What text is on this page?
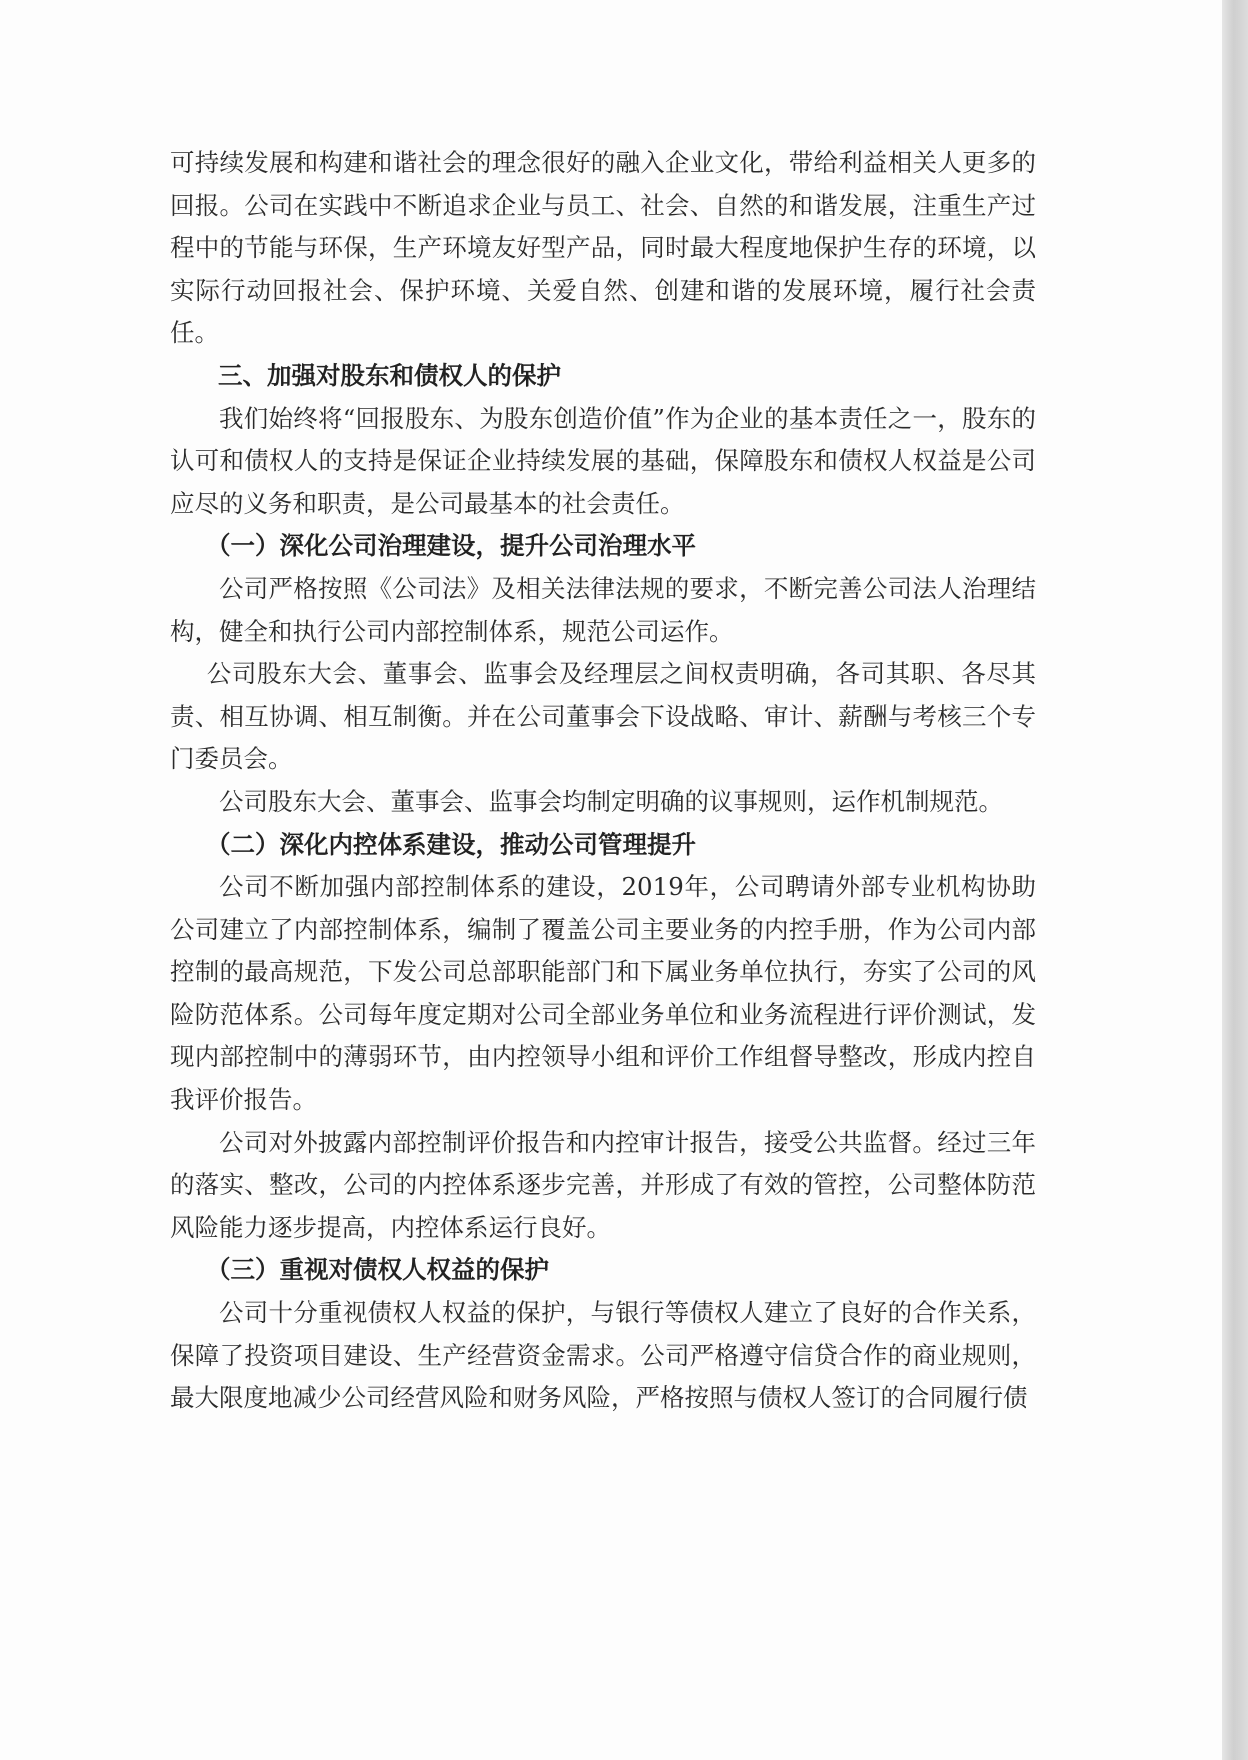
可持续发展和构建和谐社会的理念很好的融入企业文化，带给利益相关人更多的回报。公司在实践中不断追求企业与员工、社会、自然的和谐发展，注重生产过程中的节能与环保，生产环境友好型产品，同时最大程度地保护生存的环境，以实际行动回报社会、保护环境、关爱自然、创建和谐的发展环境，履行社会责任。

三、加强对股东和债权人的保护

我们始终将“回报股东、为股东创造价值”作为企业的基本责任之一，股东的认可和债权人的支持是保证企业持续发展的基础，保障股东和债权人权益是公司应尽的义务和职责，是公司最基本的社会责任。

（一）深化公司治理建设，提升公司治理水平

公司严格按照《公司法》及相关法律法规的要求，不断完善公司法人治理结构，健全和执行公司内部控制体系，规范公司运作。

公司股东大会、董事会、监事会及经理层之间权责明确，各司其职、各尽其责、相互协调、相互制衡。并在公司董事会下设战略、审计、薪酬与考核三个专门委员会。

公司股东大会、董事会、监事会均制定明确的议事规则，运作机制规范。

（二）深化内控体系建设，推动公司管理提升

公司不断加强内部控制体系的建设，2019年，公司聘请外部专业机构协助公司建立了内部控制体系，编制了覆盖公司主要业务的内控手册，作为公司内部控制的最高规范，下发公司总部职能部门和下属业务单位执行，夯实了公司的风险防范体系。公司每年度定期对公司全部业务单位和业务流程进行评价测试，发现内部控制中的薄弱环节，由内控领导小组和评价工作组督导整改，形成内控自我评价报告。

公司对外披露内部控制评价报告和内控审计报告，接受公共监督。经过三年的落实、整改，公司的内控体系逐步完善，并形成了有效的管控，公司整体防范风险能力逐步提高，内控体系运行良好。

（三）重视对债权人权益的保护

公司十分重视债权人权益的保护，与银行等债权人建立了良好的合作关系，保障了投资项目建设、生产经营资金需求。公司严格遵守信贷合作的商业规则，最大限度地减少公司经营风险和财务风险，严格按照与债权人签订的合同履行债
